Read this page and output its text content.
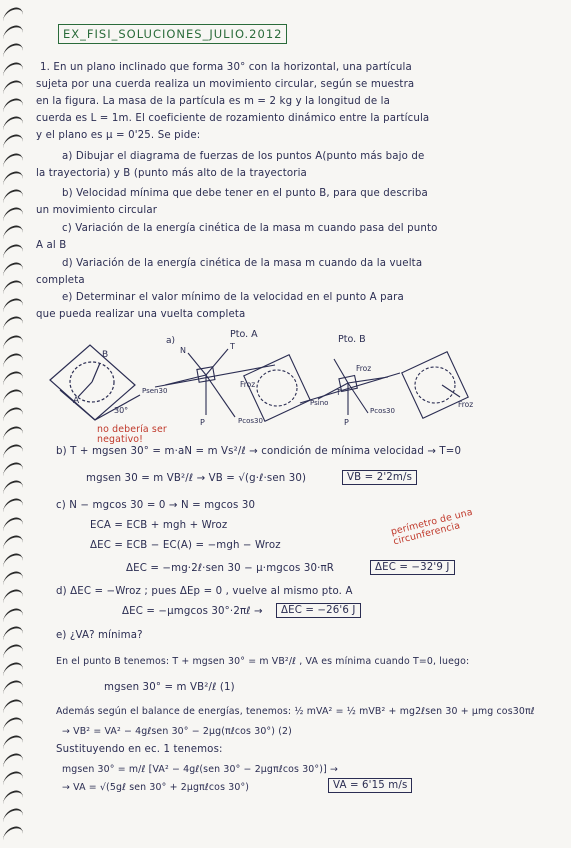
EX_FISI_SOLUCIONES_JULIO.2012
1. En un plano inclinado que forma 30° con la horizontal, una partícula
sujeta por una cuerda realiza un movimiento circular, según se muestra
en la figura. La masa de la partícula es m = 2 kg y la longitud de la
cuerda es L = 1m. El coeficiente de rozamiento dinámico entre la partícula
y el plano es μ = 0'25. Se pide:
a) Dibujar el diagrama de fuerzas de los puntos A(punto más bajo de
la trayectoria) y B (punto más alto de la trayectoria
b) Velocidad mínima que debe tener en el punto B, para que describa
un movimiento circular
c) Variación de la energía cinética de la masa m cuando pasa del punto
A al B
d) Variación de la energía cinética de la masa m cuando da la vuelta
completa
e) Determinar el valor mínimo de la velocidad en el punto A para
que pueda realizar una vuelta completa
B
A
30°
a)
Pto. A	Pto. B
N	T
Psen30
Pcos30
P
Froz
T
Psino
Pcos30
P
Froz
Froz
no debería ser negativo!
b) T + mgsen 30° = m·aN = m Vs²/ℓ → condición de mínima velocidad → T=0
mgsen 30 = m VB²/ℓ → VB = √(g·ℓ·sen 30)	VB = 2'2m/s
c) N − mgcos 30 = 0 → N = mgcos 30
ECA = ECB + mgh + Wroz
ΔEC = ECB − EC(A) = −mgh − Wroz
perímetro de una circunferencia
ΔEC = −mg·2ℓ·sen 30 − μ·mgcos 30·πR	ΔEC = −32'9 J
d) ΔEC = −Wroz ; pues ΔEp = 0 , vuelve al mismo pto. A
ΔEC = −μmgcos 30°·2πℓ →	ΔEC = −26'6 J
e) ¿VA? mínima?
En el punto B tenemos: T + mgsen 30° = m VB²/ℓ , VA es mínima cuando T=0, luego:
mgsen 30° = m VB²/ℓ (1)
Además según el balance de energías, tenemos: ½ mVA² = ½ mVB² + mg2ℓsen 30 + μmg cos30πℓ
→ VB² = VA² − 4gℓsen 30° − 2μg(πℓcos 30°) (2)
Sustituyendo en ec. 1 tenemos:
mgsen 30° = m/ℓ [VA² − 4gℓ(sen 30° − 2μgπℓcos 30°)] →
→ VA = √(5gℓ sen 30° + 2μgπℓcos 30°)	VA = 6'15 m/s
